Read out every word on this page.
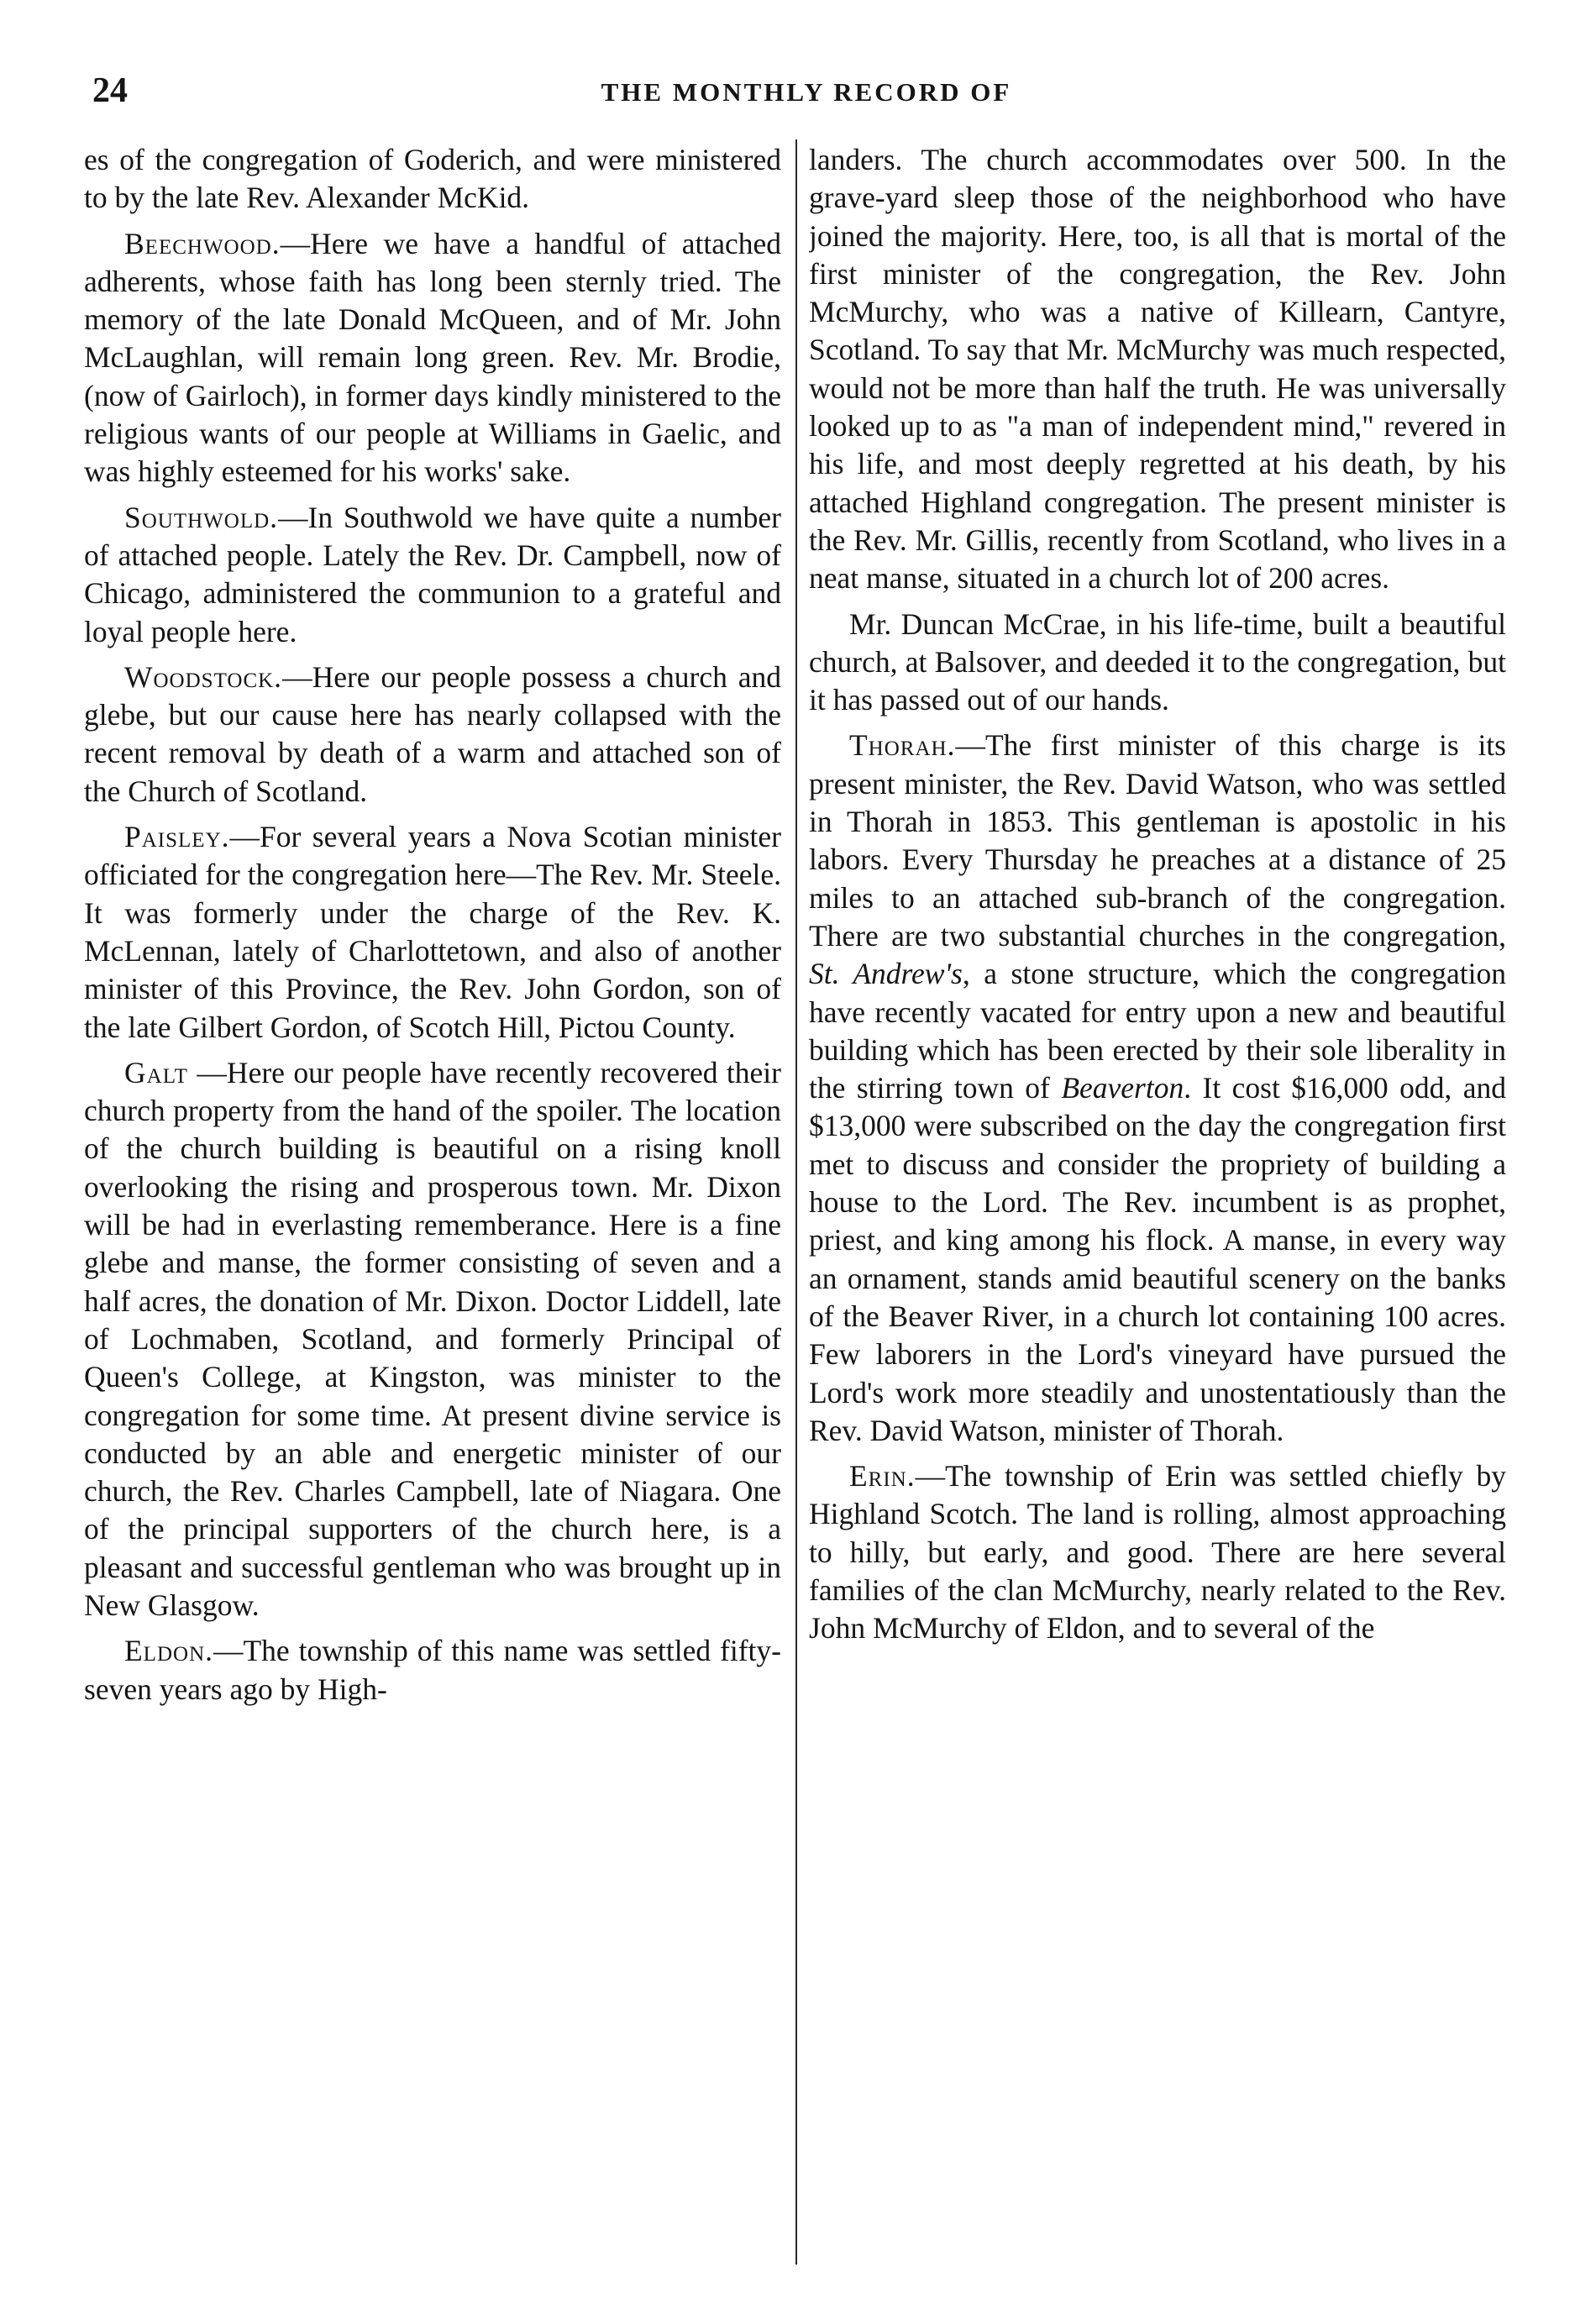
24	THE MONTHLY RECORD OF

es of the congregation of Goderich, and were ministered to by the late Rev. Alexander McKid.

Beechwood.—Here we have a handful of attached adherents, whose faith has long been sternly tried. The memory of the late Donald McQueen, and of Mr. John McLaughlan, will remain long green. Rev. Mr. Brodie, (now of Gairloch), in former days kindly ministered to the religious wants of our people at Williams in Gaelic, and was highly esteemed for his works' sake.

Southwold.—In Southwold we have quite a number of attached people. Lately the Rev. Dr. Campbell, now of Chicago, administered the communion to a grateful and loyal people here.

Woodstock.—Here our people possess a church and glebe, but our cause here has nearly collapsed with the recent removal by death of a warm and attached son of the Church of Scotland.

Paisley.—For several years a Nova Scotian minister officiated for the congregation here—The Rev. Mr. Steele. It was formerly under the charge of the Rev. K. McLennan, lately of Charlottetown, and also of another minister of this Province, the Rev. John Gordon, son of the late Gilbert Gordon, of Scotch Hill, Pictou County.

Galt —Here our people have recently recovered their church property from the hand of the spoiler. The location of the church building is beautiful on a rising knoll overlooking the rising and prosperous town. Mr. Dixon will be had in everlasting rememberance. Here is a fine glebe and manse, the former consisting of seven and a half acres, the donation of Mr. Dixon. Doctor Liddell, late of Lochmaben, Scotland, and formerly Principal of Queen's College, at Kingston, was minister to the congregation for some time. At present divine service is conducted by an able and energetic minister of our church, the Rev. Charles Campbell, late of Niagara. One of the principal supporters of the church here, is a pleasant and successful gentleman who was brought up in New Glasgow.

Eldon.—The township of this name was settled fifty-seven years ago by High-

landers. The church accommodates over 500. In the grave-yard sleep those of the neighborhood who have joined the majority. Here, too, is all that is mortal of the first minister of the congregation, the Rev. John McMurchy, who was a native of Killearn, Cantyre, Scotland. To say that Mr. McMurchy was much respected, would not be more than half the truth. He was universally looked up to as "a man of independent mind," revered in his life, and most deeply regretted at his death, by his attached Highland congregation. The present minister is the Rev. Mr. Gillis, recently from Scotland, who lives in a neat manse, situated in a church lot of 200 acres.

Mr. Duncan McCrae, in his life-time, built a beautiful church, at Balsover, and deeded it to the congregation, but it has passed out of our hands.

Thorah.—The first minister of this charge is its present minister, the Rev. David Watson, who was settled in Thorah in 1853. This gentleman is apostolic in his labors. Every Thursday he preaches at a distance of 25 miles to an attached sub-branch of the congregation. There are two substantial churches in the congregation, St. Andrew's, a stone structure, which the congregation have recently vacated for entry upon a new and beautiful building which has been erected by their sole liberality in the stirring town of Beaverton. It cost $16,000 odd, and $13,000 were subscribed on the day the congregation first met to discuss and consider the propriety of building a house to the Lord. The Rev. incumbent is as prophet, priest, and king among his flock. A manse, in every way an ornament, stands amid beautiful scenery on the banks of the Beaver River, in a church lot containing 100 acres. Few laborers in the Lord's vineyard have pursued the Lord's work more steadily and unostentatiously than the Rev. David Watson, minister of Thorah.

Erin.—The township of Erin was settled chiefly by Highland Scotch. The land is rolling, almost approaching to hilly, but early, and good. There are here several families of the clan McMurchy, nearly related to the Rev. John McMurchy of Eldon, and to several of the
